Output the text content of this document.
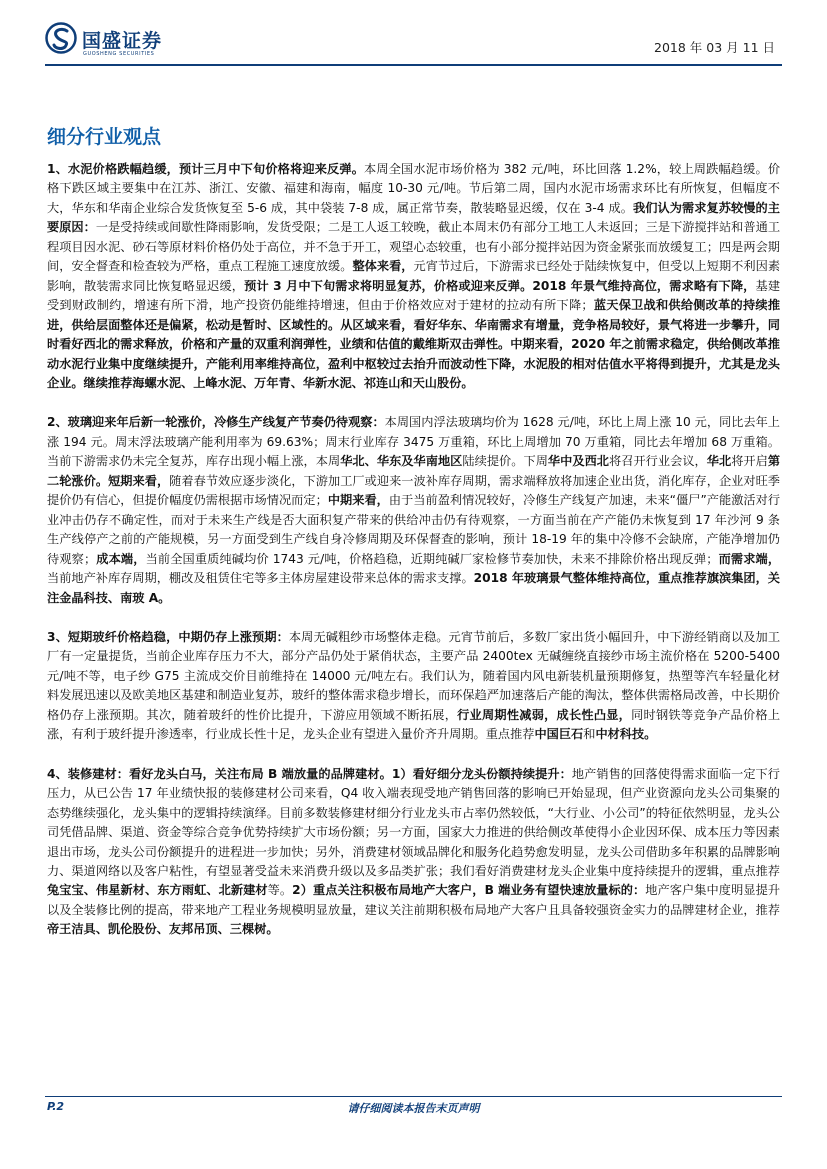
国盛证券
GUOSHENG SECURITIES	2018 年 03 月 11 日
细分行业观点

1、水泥价格跌幅趋缓，预计三月中下旬价格将迎来反弹。本周全国水泥市场价格为 382 元/吨，环比回落 1.2%，较上周跌幅趋缓。价格下跌区域主要集中在江苏、浙江、安徽、福建和海南，幅度 10-30 元/吨。节后第二周，国内水泥市场需求环比有所恢复，但幅度不大，华东和华南企业综合发货恢复至 5-6 成，其中袋装 7-8 成，属正常节奏，散装略显迟缓，仅在 3-4 成。我们认为需求复苏较慢的主要原因：一是受持续或间歇性降雨影响，发货受限；二是工人返工较晚，截止本周末仍有部分工地工人未返回；三是下游搅拌站和普通工程项目因水泥、砂石等原材料价格仍处于高位，并不急于开工，观望心态较重，也有小部分搅拌站因为资金紧张而放缓复工；四是两会期间，安全督查和检查较为严格，重点工程施工速度放缓。整体来看，元宵节过后，下游需求已经处于陆续恢复中，但受以上短期不利因素影响，散装需求同比恢复略显迟缓，预计 3 月中下旬需求将明显复苏，价格或迎来反弹。2018 年景气维持高位，需求略有下降，基建受到财政制约，增速有所下滑，地产投资仍能维持增速，但由于价格效应对于建材的拉动有所下降；蓝天保卫战和供给侧改革的持续推进，供给层面整体还是偏紧，松动是暂时、区域性的。从区域来看，看好华东、华南需求有增量，竞争格局较好，景气将进一步攀升，同时看好西北的需求释放，价格和产量的双重利润弹性，业绩和估值的戴维斯双击弹性。中期来看，2020 年之前需求稳定，供给侧改革推动水泥行业集中度继续提升，产能利用率维持高位，盈利中枢较过去抬升而波动性下降，水泥股的相对估值水平将得到提升，尤其是龙头企业。继续推荐海螺水泥、上峰水泥、万年青、华新水泥、祁连山和天山股份。

2、玻璃迎来年后新一轮涨价，冷修生产线复产节奏仍待观察：本周国内浮法玻璃均价为 1628 元/吨，环比上周上涨 10 元，同比去年上涨 194 元。周末浮法玻璃产能利用率为 69.63%；周末行业库存 3475 万重箱，环比上周增加 70 万重箱，同比去年增加 68 万重箱。当前下游需求仍未完全复苏，库存出现小幅上涨，本周华北、华东及华南地区陆续提价。下周华中及西北将召开行业会议，华北将开启第二轮涨价。短期来看，随着春节效应逐步淡化，下游加工厂或迎来一波补库存周期，需求端释放将加速企业出货，消化库存，企业对旺季提价仍有信心，但提价幅度仍需根据市场情况而定；中期来看，由于当前盈利情况较好，冷修生产线复产加速，未来“僵尸”产能激活对行业冲击仍存不确定性，而对于未来生产线是否大面积复产带来的供给冲击仍有待观察，一方面当前在产产能仍未恢复到 17 年沙河 9 条生产线停产之前的产能规模，另一方面受到生产线自身冷修周期及环保督查的影响，预计 18-19 年的集中冷修不会缺席，产能净增加仍待观察；成本端，当前全国重质纯碱均价 1743 元/吨，价格趋稳，近期纯碱厂家检修节奏加快，未来不排除价格出现反弹；而需求端，当前地产补库存周期，棚改及租赁住宅等多主体房屋建设带来总体的需求支撑。2018 年玻璃景气整体维持高位，重点推荐旗滨集团，关注金晶科技、南玻 A。

3、短期玻纤价格趋稳，中期仍存上涨预期：本周无碱粗纱市场整体走稳。元宵节前后，多数厂家出货小幅回升，中下游经销商以及加工厂有一定量提货，当前企业库存压力不大，部分产品仍处于紧俏状态，主要产品 2400tex 无碱缠绕直接纱市场主流价格在 5200-5400 元/吨不等，电子纱 G75 主流成交价目前维持在 14000 元/吨左右。我们认为，随着国内风电新装机量预期修复，热塑等汽车轻量化材料发展迅速以及欧美地区基建和制造业复苏，玻纤的整体需求稳步增长，而环保趋严加速落后产能的淘汰，整体供需格局改善，中长期价格仍存上涨预期。其次，随着玻纤的性价比提升，下游应用领域不断拓展，行业周期性减弱，成长性凸显，同时钢铁等竞争产品价格上涨，有利于玻纤提升渗透率，行业成长性十足，龙头企业有望进入量价齐升周期。重点推荐中国巨石和中材科技。

4、装修建材：看好龙头白马，关注布局 B 端放量的品牌建材。1）看好细分龙头份额持续提升：地产销售的回落使得需求面临一定下行压力，从已公告 17 年业绩快报的装修建材公司来看，Q4 收入端表现受地产销售回落的影响已开始显现，但产业资源向龙头公司集聚的态势继续强化，龙头集中的逻辑持续演绎。目前多数装修建材细分行业龙头市占率仍然较低，“大行业、小公司”的特征依然明显，龙头公司凭借品牌、渠道、资金等综合竞争优势持续扩大市场份额；另一方面，国家大力推进的供给侧改革使得小企业因环保、成本压力等因素退出市场，龙头公司份额提升的进程进一步加快；另外，消费建材领域品牌化和服务化趋势愈发明显，龙头公司借助多年积累的品牌影响力、渠道网络以及客户粘性，有望显著受益未来消费升级以及多品类扩张；我们看好消费建材龙头企业集中度持续提升的逻辑，重点推荐兔宝宝、伟星新材、东方雨虹、北新建材等。2）重点关注积极布局地产大客户，B 端业务有望快速放量标的：地产客户集中度明显提升以及全装修比例的提高，带来地产工程业务规模明显放量，建议关注前期积极布局地产大客户且具备较强资金实力的品牌建材企业，推荐帝王洁具、凯伦股份、友邦吊顶、三棵树。

P.2	请仔细阅读本报告末页声明
